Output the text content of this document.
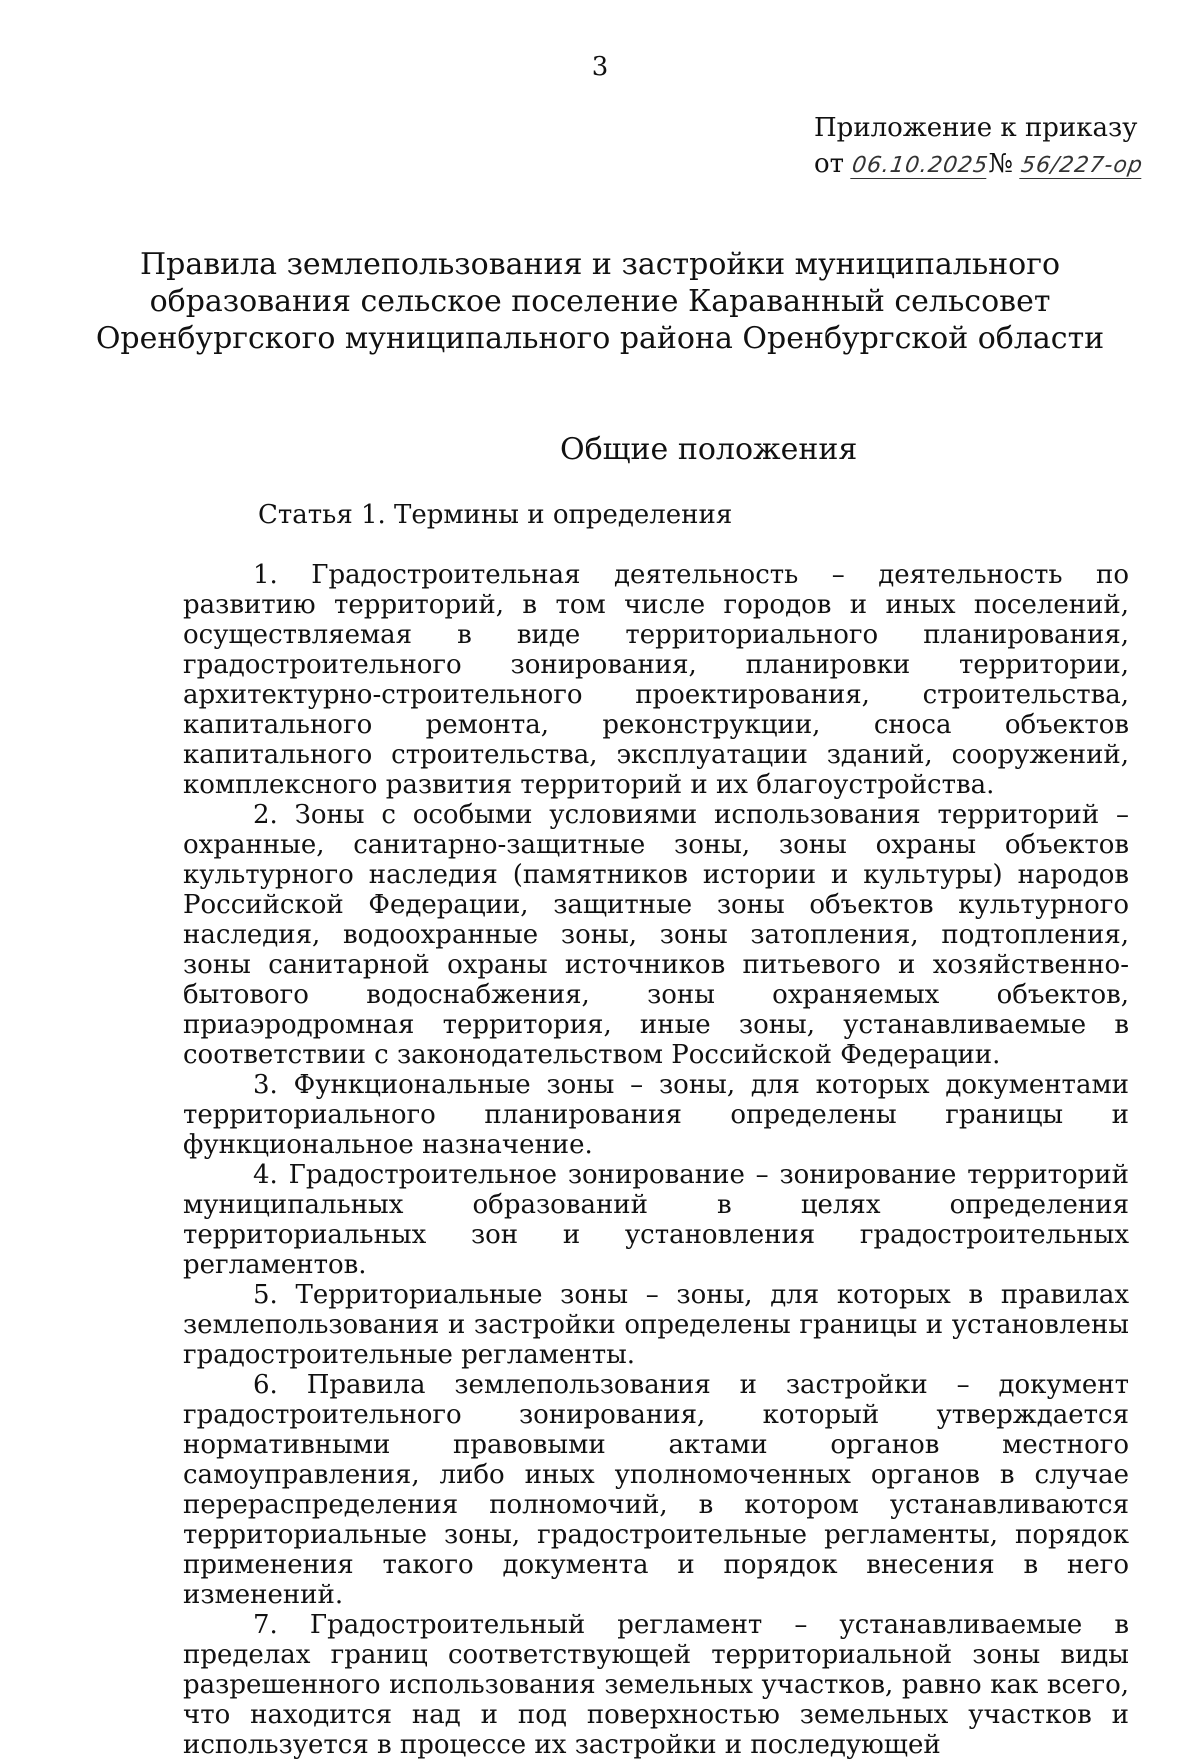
3
Приложение к приказу
от 06.10.2025№ 56/227-ор
Правила землепользования и застройки муниципального
образования сельское поселение Караванный сельсовет
Оренбургского муниципального района Оренбургской области
Общие положения
Статья 1. Термины и определения

1. Градостроительная деятельность – деятельность по развитию территорий, в том числе городов и иных поселений, осуществляемая в виде территориального планирования, градостроительного зонирования, планировки территории, архитектурно-строительного проектирования, строительства, капитального ремонта, реконструкции, сноса объектов капитального строительства, эксплуатации зданий, сооружений, комплексного развития территорий и их благоустройства.

2. Зоны с особыми условиями использования территорий – охранные, санитарно-защитные зоны, зоны охраны объектов культурного наследия (памятников истории и культуры) народов Российской Федерации, защитные зоны объектов культурного наследия, водоохранные зоны, зоны затопления, подтопления, зоны санитарной охраны источников питьевого и хозяйственно-бытового водоснабжения, зоны охраняемых объектов, приаэродромная территория, иные зоны, устанавливаемые в соответствии с законодательством Российской Федерации.

3. Функциональные зоны – зоны, для которых документами территориального планирования определены границы и функциональное назначение.

4. Градостроительное зонирование – зонирование территорий муниципальных образований в целях определения территориальных зон и установления градостроительных регламентов.

5. Территориальные зоны – зоны, для которых в правилах землепользования и застройки определены границы и установлены градостроительные регламенты.

6. Правила землепользования и застройки – документ градостроительного зонирования, который утверждается нормативными правовыми актами органов местного самоуправления, либо иных уполномоченных органов в случае перераспределения полномочий, в котором устанавливаются территориальные зоны, градостроительные регламенты, порядок применения такого документа и порядок внесения в него изменений.

7. Градостроительный регламент – устанавливаемые в пределах границ соответствующей территориальной зоны виды разрешенного использования земельных участков, равно как всего, что находится над и под поверхностью земельных участков и используется в процессе их застройки и последующей
